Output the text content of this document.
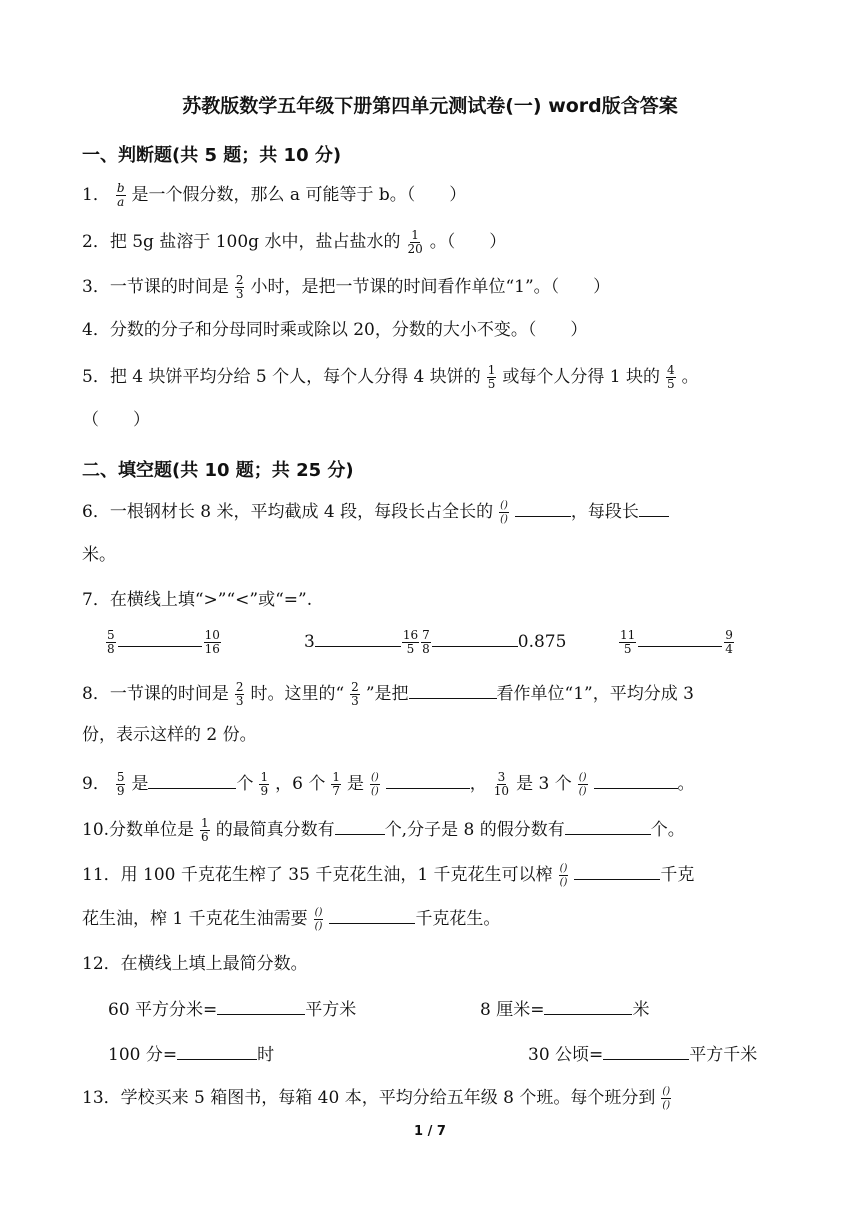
苏教版数学五年级下册第四单元测试卷(一) word版含答案
一、判断题(共 5 题；共 10 分)
1． $\frac{b}{a}$ 是一个假分数，那么 a 可能等于 b。（　　）
2．把 5g 盐溶于 100g 水中，盐占盐水的 $\frac{1}{20}$ 。（　　）
3．一节课的时间是 $\frac{2}{3}$ 小时，是把一节课的时间看作单位“1”。（　　）
4．分数的分子和分母同时乘或除以 20，分数的大小不变。（　　）
5．把 4 块饼平均分给 5 个人，每个人分得 4 块饼的 $\frac{1}{5}$ 或每个人分得 1 块的 $\frac{4}{5}$ 。
（　　）
二、填空题(共 10 题；共 25 分)
6．一根钢材长 8 米，平均截成 4 段，每段长占全长的 $\frac{()}{()}$	，每段长
米。
7．在横线上填“>”“<”或“=”.
$\frac{5}{8}$	$\frac{10}{16}$	3	$\frac{16}{5} \frac{7}{8}$	0.875	$\frac{11}{5}$	$\frac{9}{4}$
8．一节课的时间是 $\frac{2}{3}$ 时。这里的“ $\frac{2}{3}$ ”是把	看作单位“1”，平均分成 3
份，表示这样的 2 份。
9． $\frac{5}{9}$ 是	个 $\frac{1}{9}$ ，6 个 $\frac{1}{7}$ 是 $\frac{()}{()}$	， $\frac{3}{10}$ 是 3 个 $\frac{()}{()}$	。
10.分数单位是 $\frac{1}{6}$ 的最简真分数有	个,分子是 8 的假分数有	个。
11．用 100 千克花生榨了 35 千克花生油，1 千克花生可以榨 $\frac{()}{()}$	千克
花生油，榨 1 千克花生油需要 $\frac{()}{()}$	千克花生。
12．在横线上填上最简分数。
60 平方分米=	平方米	8 厘米=	米
100 分=	时	30 公顷=	平方千米
13．学校买来 5 箱图书，每箱 40 本，平均分给五年级 8 个班。每个班分到 $\frac{()}{()}$
1 / 7
